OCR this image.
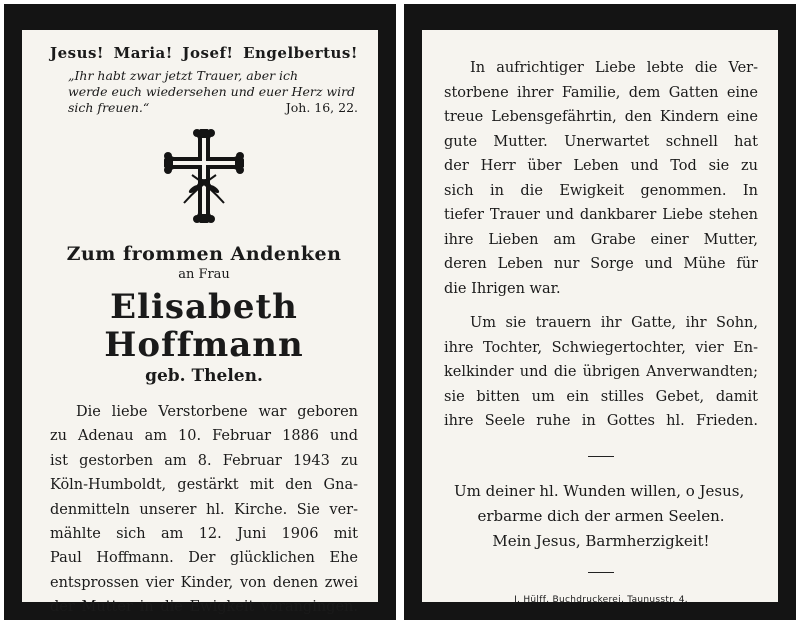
Jesus! Maria! Josef! Engelbertus!
„Ihr habt zwar jetzt Trauer, aber ich
werde euch wiedersehen und euer Herz wird
sich freuen.“	Joh. 16, 22.
Zum frommen Andenken
an Frau
Elisabeth Hoffmann
geb. Thelen.
Die liebe Verstorbene war geboren
zu Adenau am 10. Februar 1886 und
ist gestorben am 8. Februar 1943 zu
Köln-Humboldt, gestärkt mit den Gna-
denmitteln unserer hl. Kirche. Sie ver-
mählte sich am 12. Juni 1906 mit
Paul Hoffmann. Der glücklichen Ehe
entsprossen vier Kinder, von denen zwei
der Mutter in die Ewigkeit vorangingen.
In aufrichtiger Liebe lebte die Ver-
storbene ihrer Familie, dem Gatten eine
treue Lebensgefährtin, den Kindern eine
gute Mutter. Unerwartet schnell hat
der Herr über Leben und Tod sie zu
sich in die Ewigkeit genommen. In
tiefer Trauer und dankbarer Liebe stehen
ihre Lieben am Grabe einer Mutter,
deren Leben nur Sorge und Mühe für
die Ihrigen war.
Um sie trauern ihr Gatte, ihr Sohn,
ihre Tochter, Schwiegertochter, vier En-
kelkinder und die übrigen Anverwandten;
sie bitten um ein stilles Gebet, damit
ihre Seele ruhe in Gottes hl. Frieden.
Um deiner hl. Wunden willen, o Jesus,
erbarme dich der armen Seelen.
Mein Jesus, Barmherzigkeit!
J. Hülff, Buchdruckerei, Taunusstr. 4.
